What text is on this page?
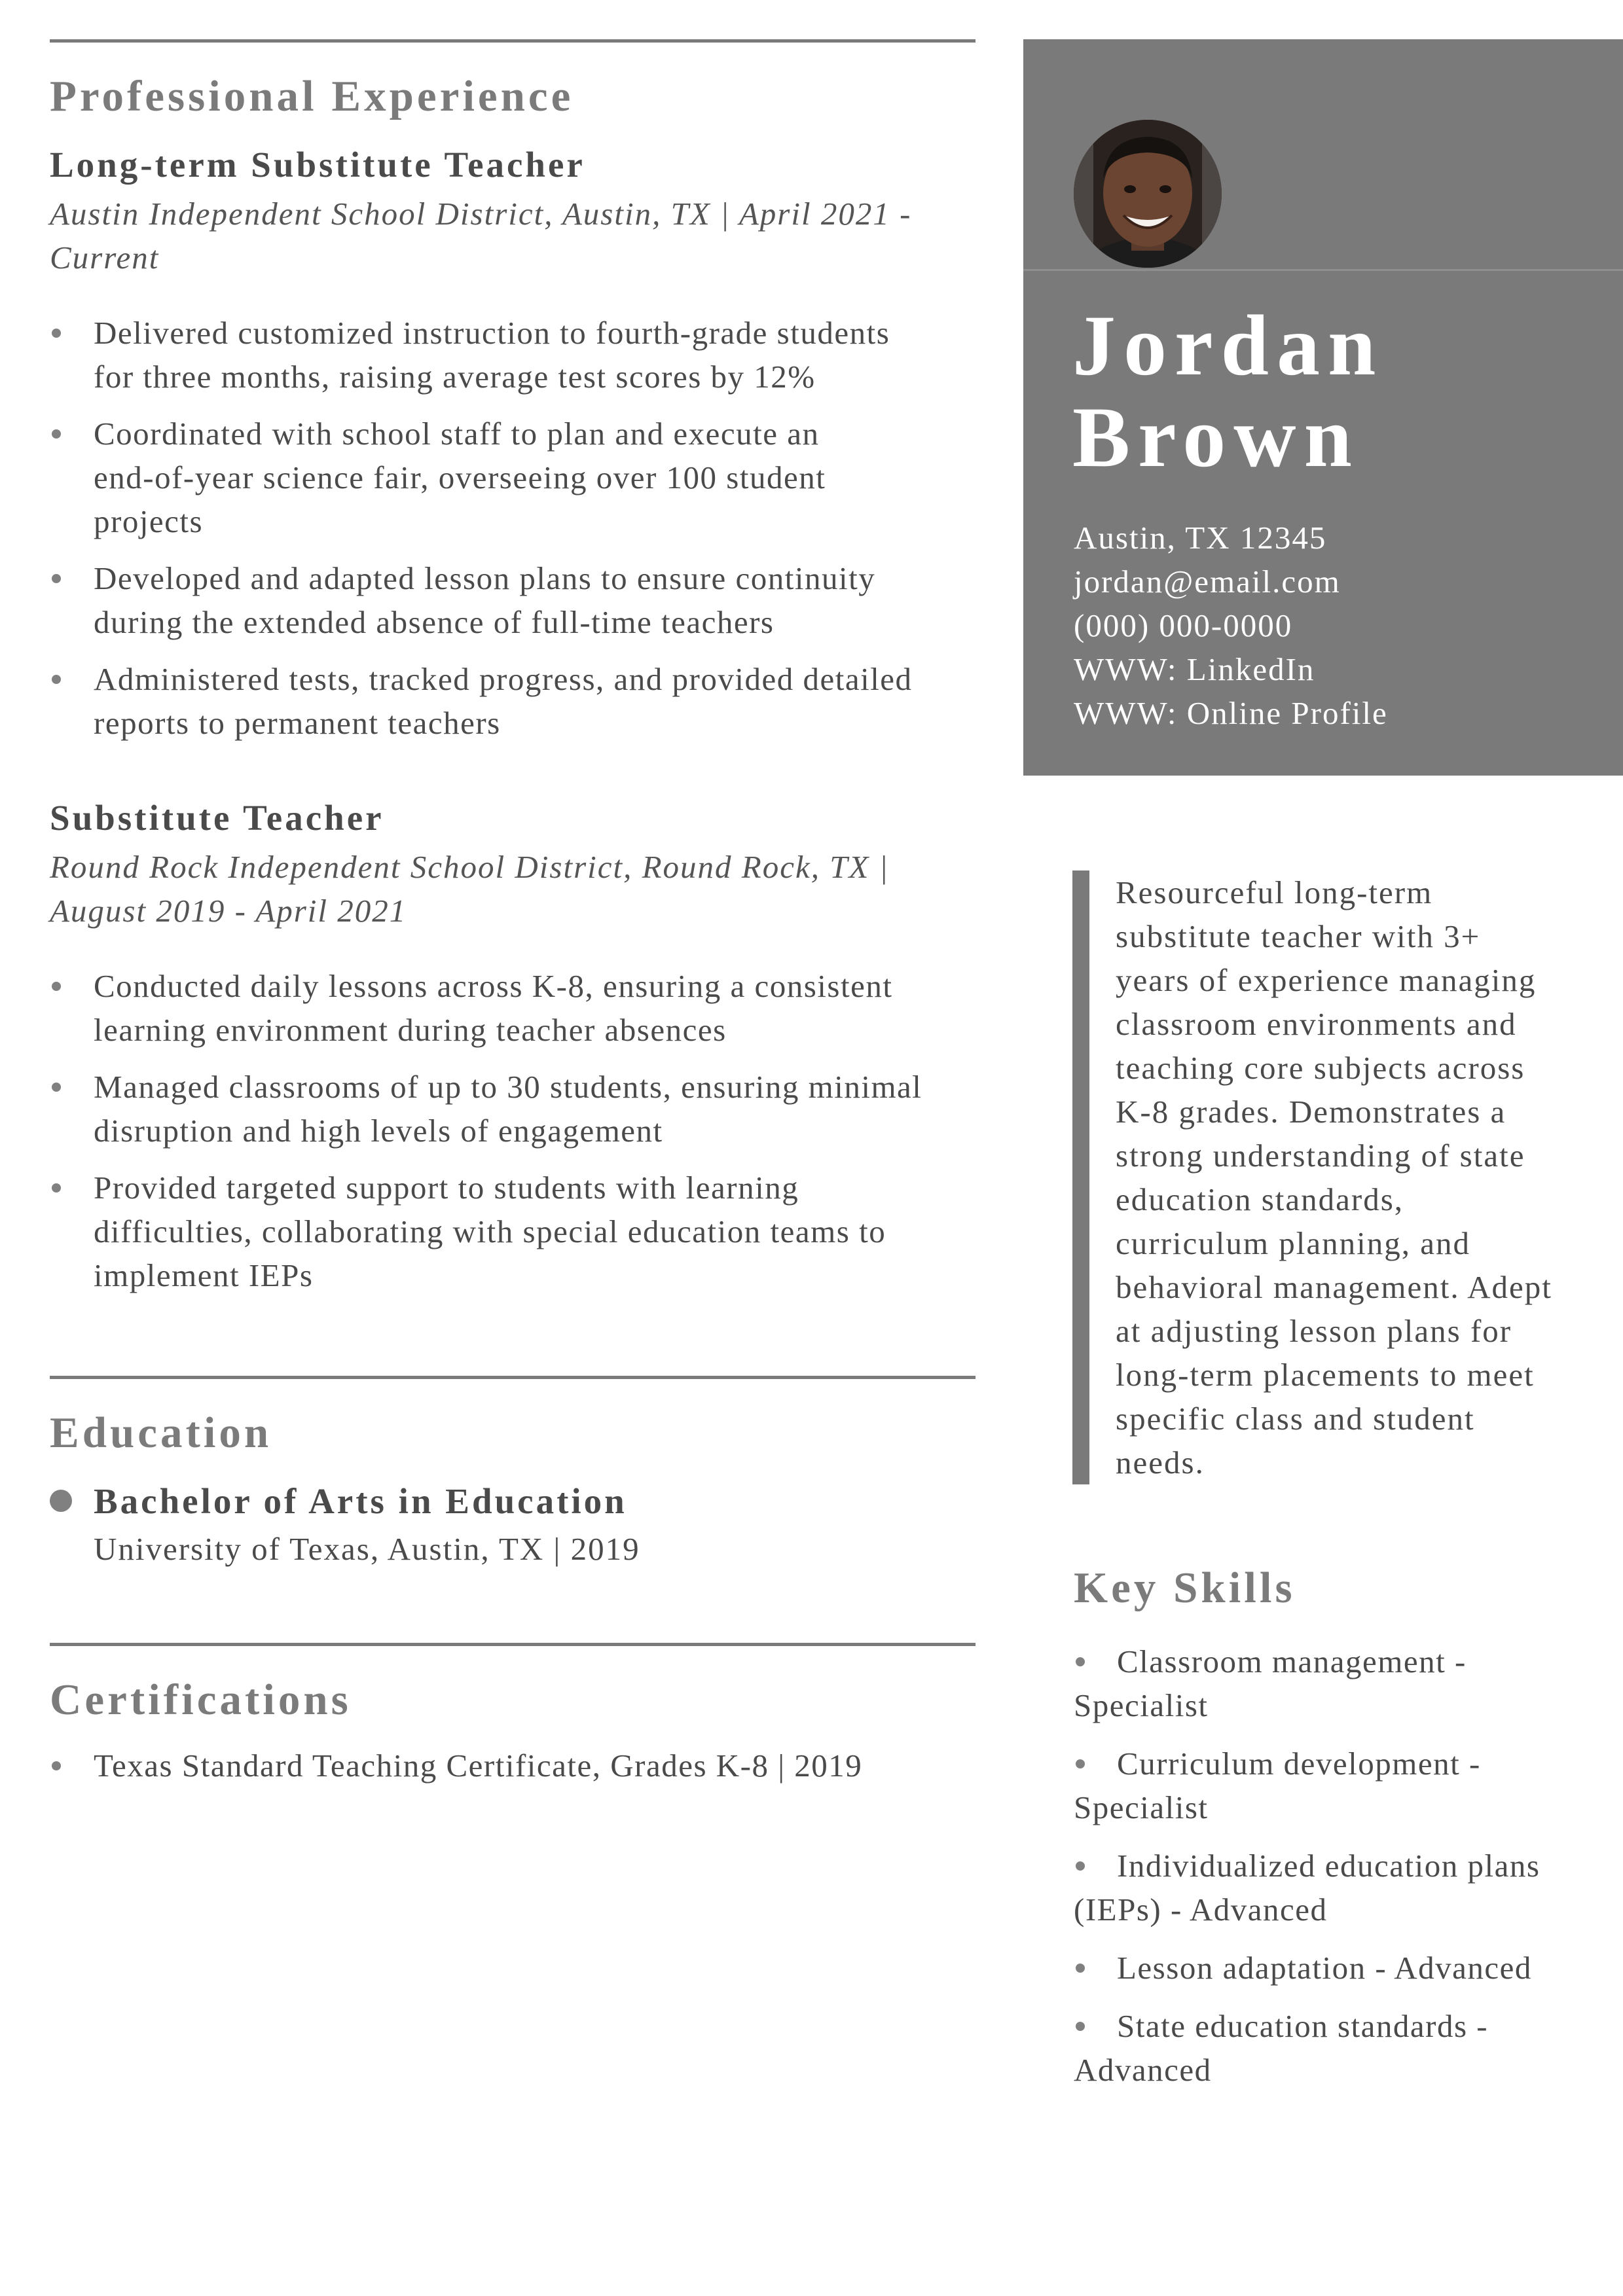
Professional Experience
Long-term Substitute Teacher
Austin Independent School District, Austin, TX | April 2021 -
Current
Delivered customized instruction to fourth-grade students
for three months, raising average test scores by 12%
Coordinated with school staff to plan and execute an
end-of-year science fair, overseeing over 100 student
projects
Developed and adapted lesson plans to ensure continuity
during the extended absence of full-time teachers
Administered tests, tracked progress, and provided detailed
reports to permanent teachers
Substitute Teacher
Round Rock Independent School District, Round Rock, TX |
August 2019 - April 2021
Conducted daily lessons across K-8, ensuring a consistent
learning environment during teacher absences
Managed classrooms of up to 30 students, ensuring minimal
disruption and high levels of engagement
Provided targeted support to students with learning
difficulties, collaborating with special education teams to
implement IEPs
Education
Bachelor of Arts in Education
University of Texas, Austin, TX | 2019
Certifications
Texas Standard Teaching Certificate, Grades K-8 | 2019
Jordan
Brown
Austin, TX 12345
jordan@email.com
(000) 000-0000
WWW: LinkedIn
WWW: Online Profile
Resourceful long-term
substitute teacher with 3+
years of experience managing
classroom environments and
teaching core subjects across
K-8 grades. Demonstrates a
strong understanding of state
education standards,
curriculum planning, and
behavioral management. Adept
at adjusting lesson plans for
long-term placements to meet
specific class and student
needs.
Key Skills
Classroom management -
Specialist
Curriculum development -
Specialist
Individualized education plans
(IEPs) - Advanced
Lesson adaptation - Advanced
State education standards -
Advanced
